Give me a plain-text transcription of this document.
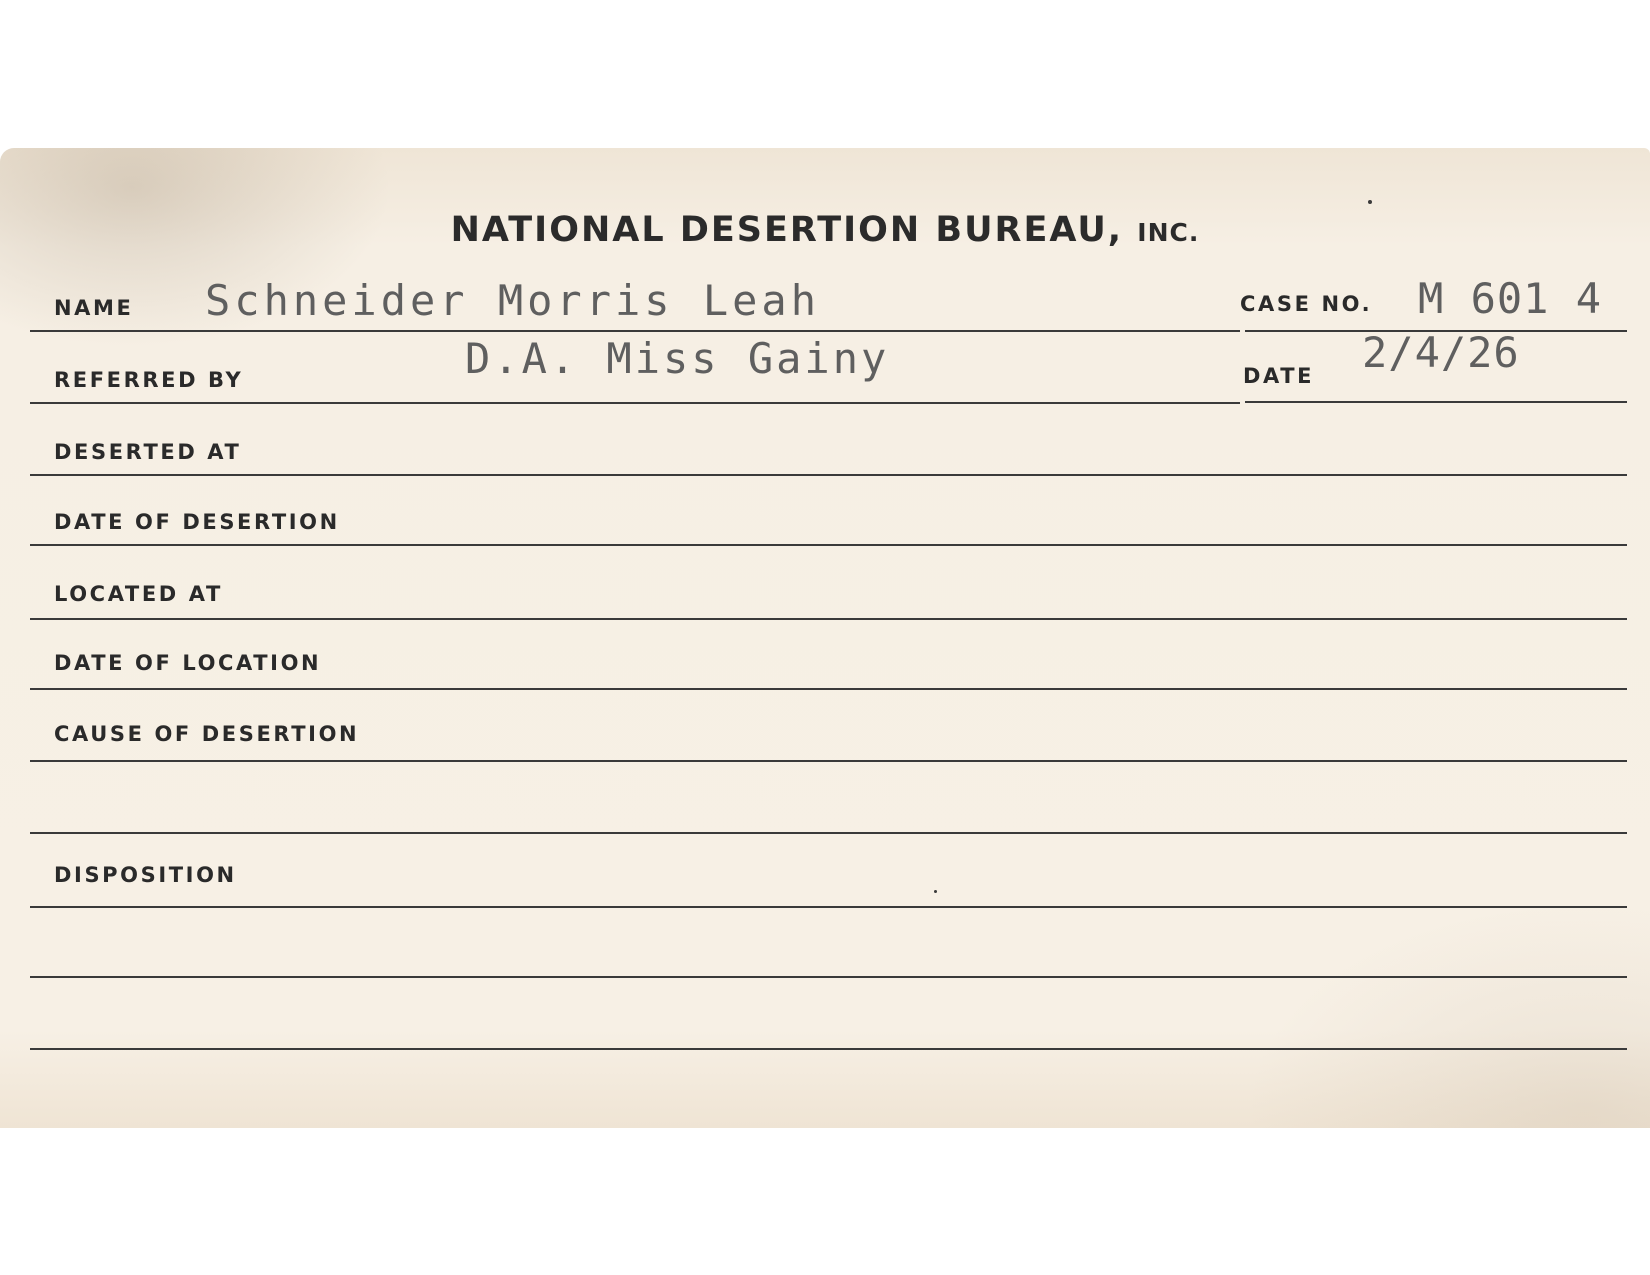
NATIONAL DESERTION BUREAU, INC.
NAME Schneider Morris Leah	CASE NO. M 601 4
REFERRED BY	D.A. Miss Gainy	DATE 2/4/26
DESERTED AT
DATE OF DESERTION
LOCATED AT
DATE OF LOCATION
CAUSE OF DESERTION
DISPOSITION
